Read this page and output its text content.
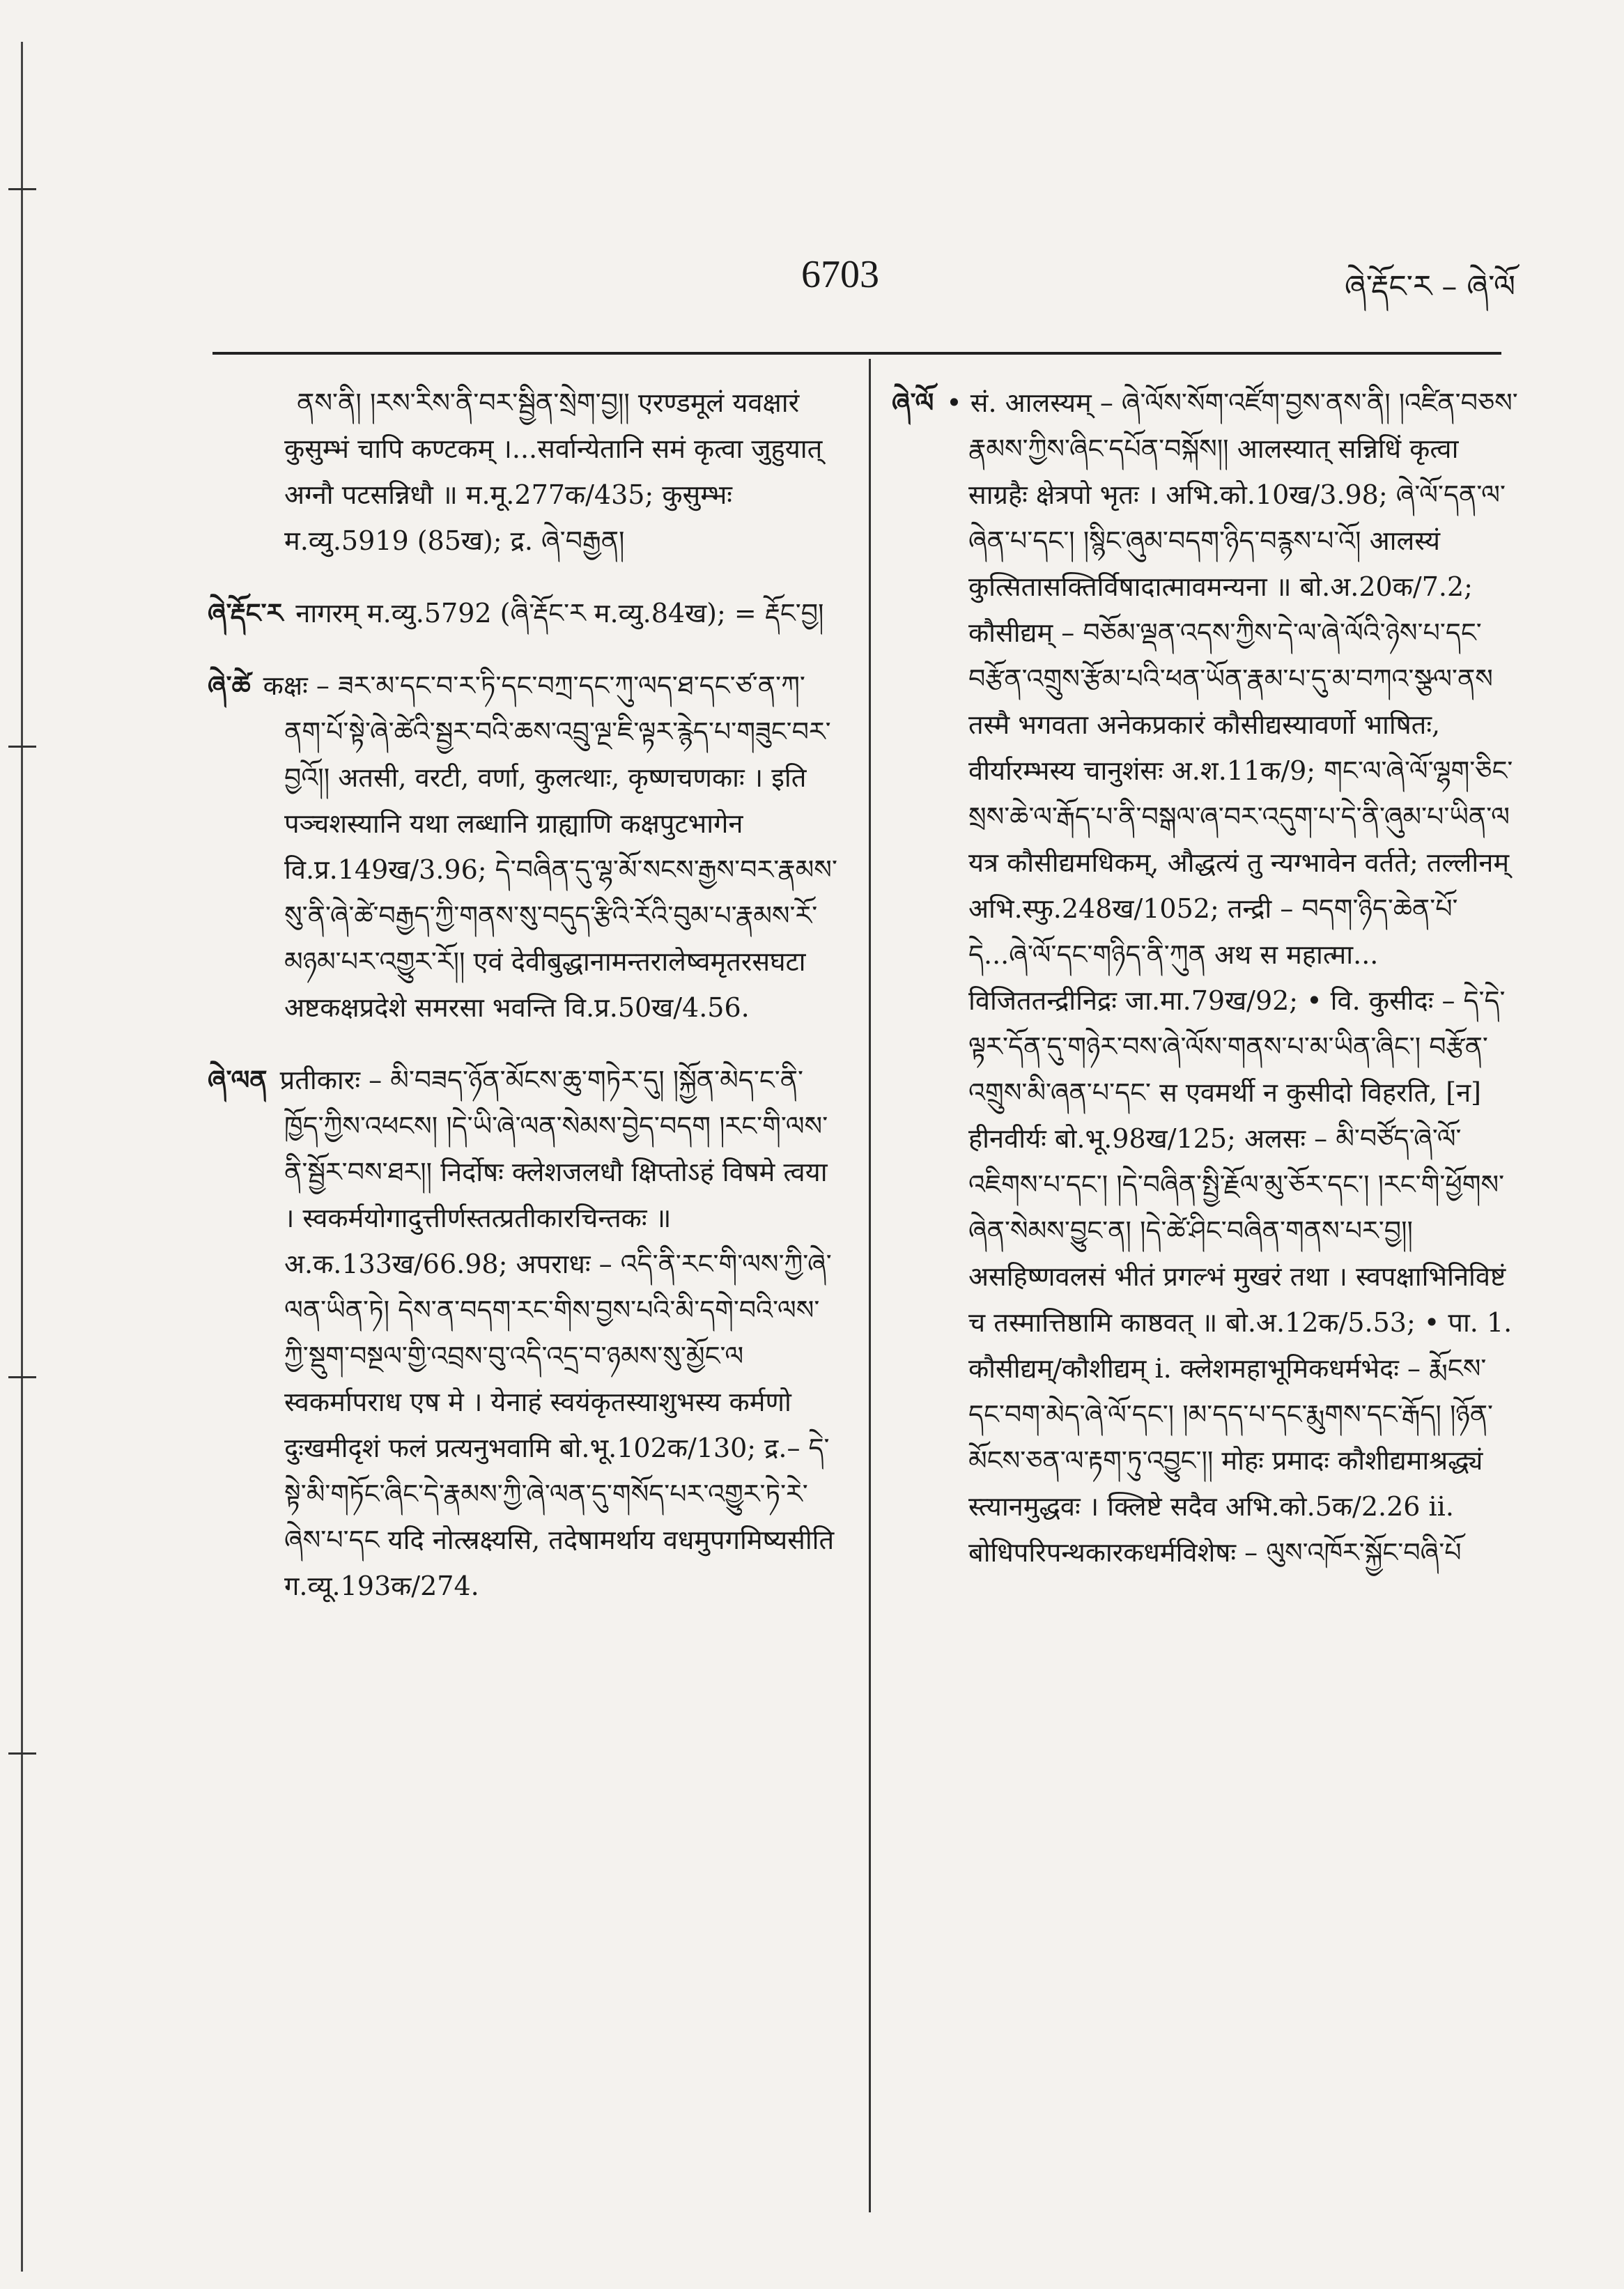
6703	ཞེ་རྡོང་ར – ཞེ་ལོ

ནས་ནི། །རས་རིས་ནི་བར་སྦྱིན་སྲེག་བྱ།། एरण्डमूलं यवक्षारं कुसुम्भं चापि कण्टकम् ।...सर्वान्येतानि समं कृत्वा जुहुयात् अग्नौ पटसन्निधौ ॥ म.मू.277क/435; कुसुम्भः म.व्यु.5919 (85ख); द्र. ཞེ་བརྒྱན།

ཞེ་རྡོང་ར नागरम् म.व्यु.5792 (ཞི་རྡོང་ར म.व्यु.84ख); = རྡོང་བྱ།

ཞེ་ཚེ कक्षः – ཟར་མ་དང་བ་ར་ཏི་དང་བཀྲ་དང་ཀུ་ལད་ཐ་དང་ཙ་ན་ཀ་ནག་པོ་སྟེ་ཞེ་ཚེའི་སྦྱར་བའི་ཆས་འབྲུ་ལྔ་ཇི་ལྟར་རྙེད་པ་གཟུང་བར་བྱའོ།། अतसी, वरटी, वर्णा, कुलत्थाः, कृष्णचणकाः । इति पञ्चशस्यानि यथा लब्धानि ग्राह्याणि कक्षपुटभागेन वि.प्र.149ख/3.96; དེ་བཞིན་དུ་ལྷ་མོ་སངས་རྒྱས་བར་རྣམས་སུ་ནི་ཞེ་ཚེ་བརྒྱད་ཀྱི་གནས་སུ་བདུད་རྩིའི་རོའི་བུམ་པ་རྣམས་རོ་མཉམ་པར་འགྱུར་རོ།། एवं देवीबुद्धानामन्तरालेष्वमृतरसघटा अष्टकक्षप्रदेशे समरसा भवन्ति वि.प्र.50ख/4.56.

ཞེ་ལན प्रतीकारः – མི་བཟད་ཉོན་མོངས་ཆུ་གཏེར་དུ། །སྐྱོན་མེད་ང་ནི་ཁྱོད་ཀྱིས་འཕངས། །དེ་ཡི་ཞེ་ལན་སེམས་བྱེད་བདག །རང་གི་ལས་ནི་སྦྱོར་བས་ཐར།། निर्दोषः क्लेशजलधौ क्षिप्तोऽहं विषमे त्वया । स्वकर्मयोगादुत्तीर्णस्तत्प्रतीकारचिन्तकः ॥ अ.क.133ख/66.98; अपराधः – འདི་ནི་རང་གི་ལས་ཀྱི་ཞེ་ལན་ཡིན་ཏེ། དེས་ན་བདག་རང་གིས་བྱས་པའི་མི་དགེ་བའི་ལས་ཀྱི་སྡུག་བསྔལ་གྱི་འབྲས་བུ་འདི་འདྲ་བ་ཉམས་སུ་མྱོང་ལ स्वकर्मापराध एष मे । येनाहं स्वयंकृतस्याशुभस्य कर्मणो दुःखमीदृशं फलं प्रत्यनुभवामि बो.भू.102क/130; द्र.– དེ་སྟེ་མི་གཏོང་ཞིང་དེ་རྣམས་ཀྱི་ཞེ་ལན་དུ་གསོད་པར་འགྱུར་ཏེ་རེ་ཞེས་པ་དང यदि नोत्स्रक्ष्यसि, तदेषामर्थाय वधमुपगमिष्यसीति ग.व्यू.193क/274.

ཞེ་ལོ • सं. आलस्यम् – ཞེ་ལོས་སོག་འཛོག་བྱས་ནས་ནི། །འཛིན་བཅས་རྣམས་ཀྱིས་ཞིང་དཔོན་བསྐོས།། आलस्यात् सन्निधिं कृत्वा साग्रहैः क्षेत्रपो भृतः । अभि.को.10ख/3.98; ཞེ་ལོ་དན་ལ་ཞེན་པ་དང་། །སྙིང་ཞུམ་བདག་ཉིད་བརྙས་པ་འོ། आलस्यं कुत्सितासक्तिर्विषादात्मावमन्यना ॥ बो.अ.20क/7.2; कौसीद्यम् – བཅོམ་ལྡན་འདས་ཀྱིས་དེ་ལ་ཞེ་ལོའི་ཉེས་པ་དང་བརྩོན་འགྲུས་རྩོམ་པའི་ཕན་ཡོན་རྣམ་པ་དུ་མ་བཀའ་སྩལ་ནས तस्मै भगवता अनेकप्रकारं कौसीद्यस्यावर्णो भाषितः, वीर्यारम्भस्य चानुशंसः अ.श.11क/9; གང་ལ་ཞེ་ལོ་ལྷག་ཅིང་སྲས་ཆེ་ལ་རྒོད་པ་ནི་བསྒལ་ཞ་བར་འདུག་པ་དེ་ནི་ཞུམ་པ་ཡིན་ལ यत्र कौसीद्यमधिकम्, औद्धत्यं तु न्यग्भावेन वर्तते; तल्लीनम् अभि.स्फु.248ख/1052; तन्द्री – བདག་ཉིད་ཆེན་པོ་དེ...ཞེ་ལོ་དང་གཉིད་ནི་ཀུན अथ स महात्मा... विजिततन्द्रीनिद्रः जा.मा.79ख/92; • वि. कुसीदः – དེ་དེ་ལྟར་དོན་དུ་གཉེར་བས་ཞེ་ལོས་གནས་པ་མ་ཡིན་ཞིང་། བརྩོན་འགྲུས་མི་ཞན་པ་དང་ स एवमर्थी न कुसीदो विहरति, [न] हीनवीर्यः बो.भू.98ख/125; अलसः – མི་བཙོད་ཞེ་ལོ་འཇིགས་པ་དང་། །དེ་བཞིན་སྤྱི་རྗོལ་མུ་ཅོར་དང་། །རང་གི་ཕྱོགས་ཞེན་སེམས་བྱུང་ན། །དེ་ཚེ་ཤིང་བཞིན་གནས་པར་བྱ།། असहिष्णवलसं भीतं प्रगल्भं मुखरं तथा । स्वपक्षाभिनिविष्टं च तस्मात्तिष्ठामि काष्ठवत् ॥ बो.अ.12क/5.53; • पा. 1. कौसीद्यम्/कौशीद्यम् i. क्लेशमहाभूमिकधर्मभेदः – རྨོངས་དང་བག་མེད་ཞེ་ལོ་དང་། །མ་དད་པ་དང་རྨུགས་དང་རྒོད། །ཉོན་མོངས་ཅན་ལ་རྟག་ཏུ་འབྱུང་།། मोहः प्रमादः कौशीद्यमाश्रद्ध्यं स्त्यानमुद्धवः । क्लिष्टे सदैव अभि.को.5क/2.26 ii. बोधिपरिपन्थकारकधर्मविशेषः – ལུས་འཁོར་སྐྱོང་བཞི་པོ
